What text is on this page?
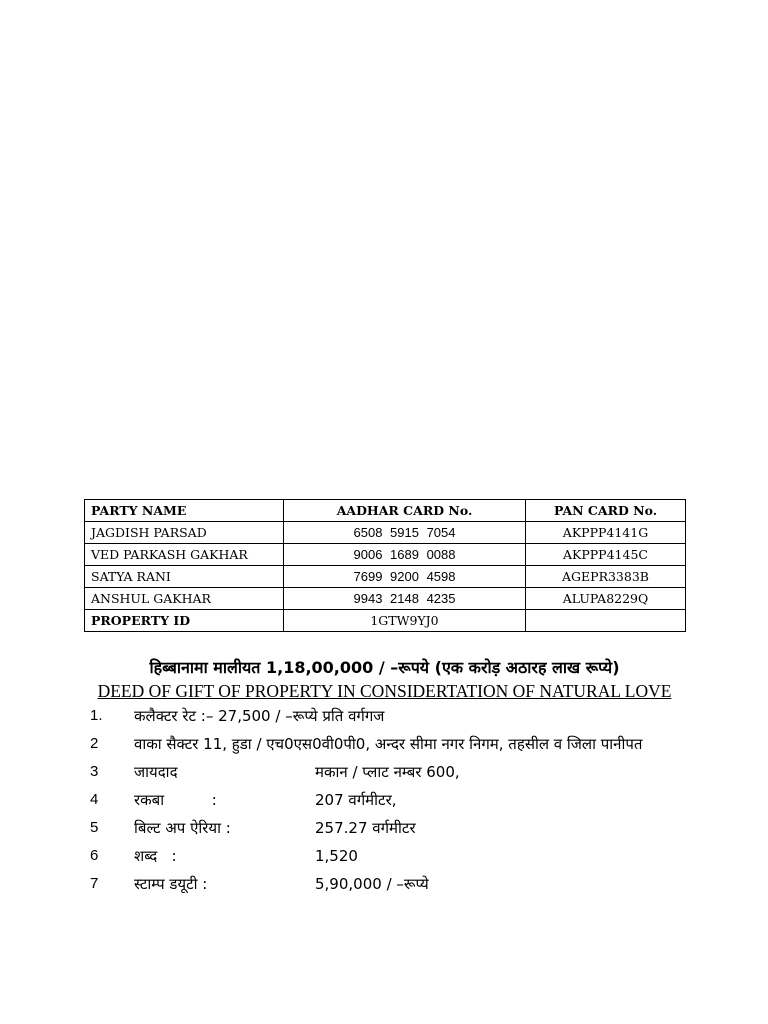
PARTY NAME	AADHAR CARD No.	PAN CARD No.
JAGDISH PARSAD	6508 5915 7054	AKPPP4141G
VED PARKASH GAKHAR	9006 1689 0088	AKPPP4145C
SATYA RANI	7699 9200 4598	AGEPR3383B
ANSHUL GAKHAR	9943 2148 4235	ALUPA8229Q
PROPERTY ID	1GTW9YJ0	
हिब्बानामा मालीयत 1,18,00,000 / –रूपये (एक करोड़ अठारह लाख रूप्ये)
DEED OF GIFT OF PROPERTY IN CONSIDERTATION OF NATURAL LOVE
1. कलैक्टर रेट :– 27,500 / –रूप्ये प्रति वर्गगज
2 वाका सैक्टर 11, हुडा / एच0एस0वी0पी0, अन्दर सीमा नगर निगम, तहसील व जिला पानीपत
3 जायदाद	मकान / प्लाट नम्बर 600,
4 रकबा          :	207 वर्गमीटर,
5 बिल्ट अप ऐरिया :	257.27 वर्गमीटर
6 शब्द   :	1,520
7 स्टाम्प डयूटी :	5,90,000 / –रूप्ये
